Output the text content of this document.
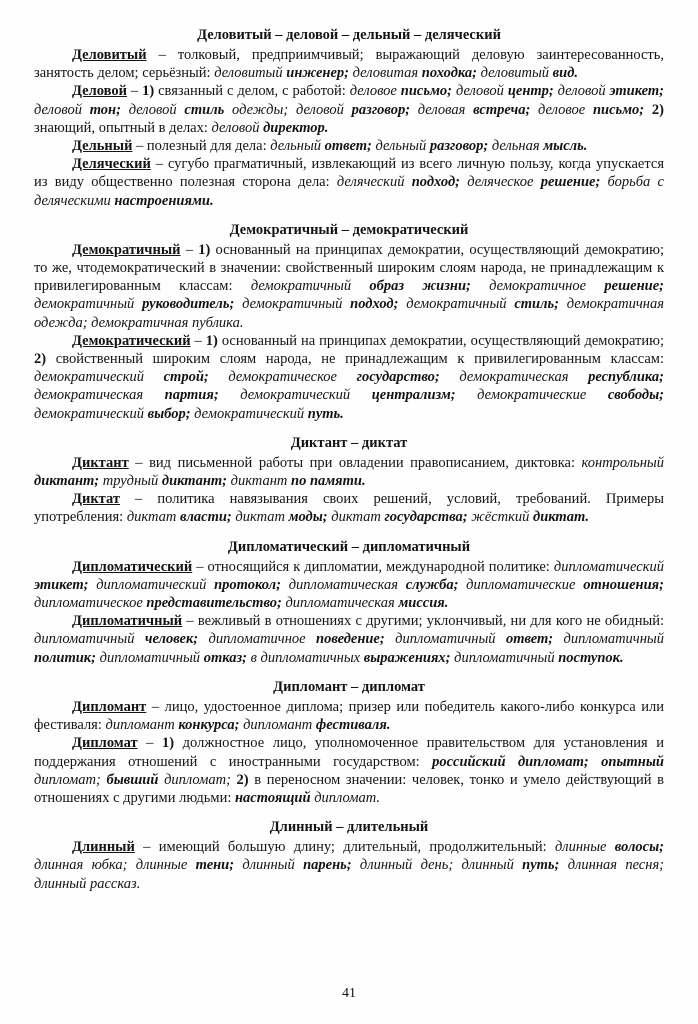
Деловитый – деловой – дельный – деляческий

Деловитый – толковый, предприимчивый; выражающий деловую заинтересованность, занятость делом; серьёзный: деловитый инженер; деловитая походка; деловитый вид.

Деловой – 1) связанный с делом, с работой: деловое письмо; деловой центр; деловой этикет; деловой тон; деловой стиль одежды; деловой разговор; деловая встреча; деловое письмо; 2) знающий, опытный в делах: деловой директор.

Дельный – полезный для дела: дельный ответ; дельный разговор; дельная мысль.

Деляческий – сугубо прагматичный, извлекающий из всего личную пользу, когда упускается из виду общественно полезная сторона дела: деляческий подход; деляческое решение; борьба с деляческими настроениями.

Демократичный – демократический

Демократичный – 1) основанный на принципах демократии, осуществляющий демократию; то же, чтодемократический в значении: свойственный широким слоям народа, не принадлежащим к привилегированным классам: демократичный образ жизни; демократичное решение; демократичный руководитель; демократичный подход; демократичный стиль; демократичная одежда; демократичная публика.

Демократический – 1) основанный на принципах демократии, осуществляющий демократию; 2) свойственный широким слоям народа, не принадлежащим к привилегированным классам: демократический строй; демократическое государство; демократическая республика; демократическая партия; демократический централизм; демократические свободы; демократический выбор; демократический путь.

Диктант – диктат

Диктант – вид письменной работы при овладении правописанием, диктовка: контрольный диктант; трудный диктант; диктант по памяти.

Диктат – политика навязывания своих решений, условий, требований. Примеры употребления: диктат власти; диктат моды; диктат государства; жёсткий диктат.

Дипломатический – дипломатичный

Дипломатический – относящийся к дипломатии, международной политике: дипломатический этикет; дипломатический протокол; дипломатическая служба; дипломатические отношения; дипломатическое представительство; дипломатическая миссия.

Дипломатичный – вежливый в отношениях с другими; уклончивый, ни для кого не обидный: дипломатичный человек; дипломатичное поведение; дипломатичный ответ; дипломатичный политик; дипломатичный отказ; в дипломатичных выражениях; дипломатичный поступок.

Дипломант – дипломат

Дипломант – лицо, удостоенное диплома; призер или победитель какого-либо конкурса или фестиваля: дипломант конкурса; дипломант фестиваля.

Дипломат – 1) должностное лицо, уполномоченное правительством для установления и поддержания отношений с иностранными государством: российский дипломат; опытный дипломат; бывший дипломат; 2) в переносном значении: человек, тонко и умело действующий в отношениях с другими людьми: настоящий дипломат.

Длинный – длительный

Длинный – имеющий большую длину; длительный, продолжительный: длинные волосы; длинная юбка; длинные тени; длинный парень; длинный день; длинный путь; длинная песня; длинный рассказ.

41
